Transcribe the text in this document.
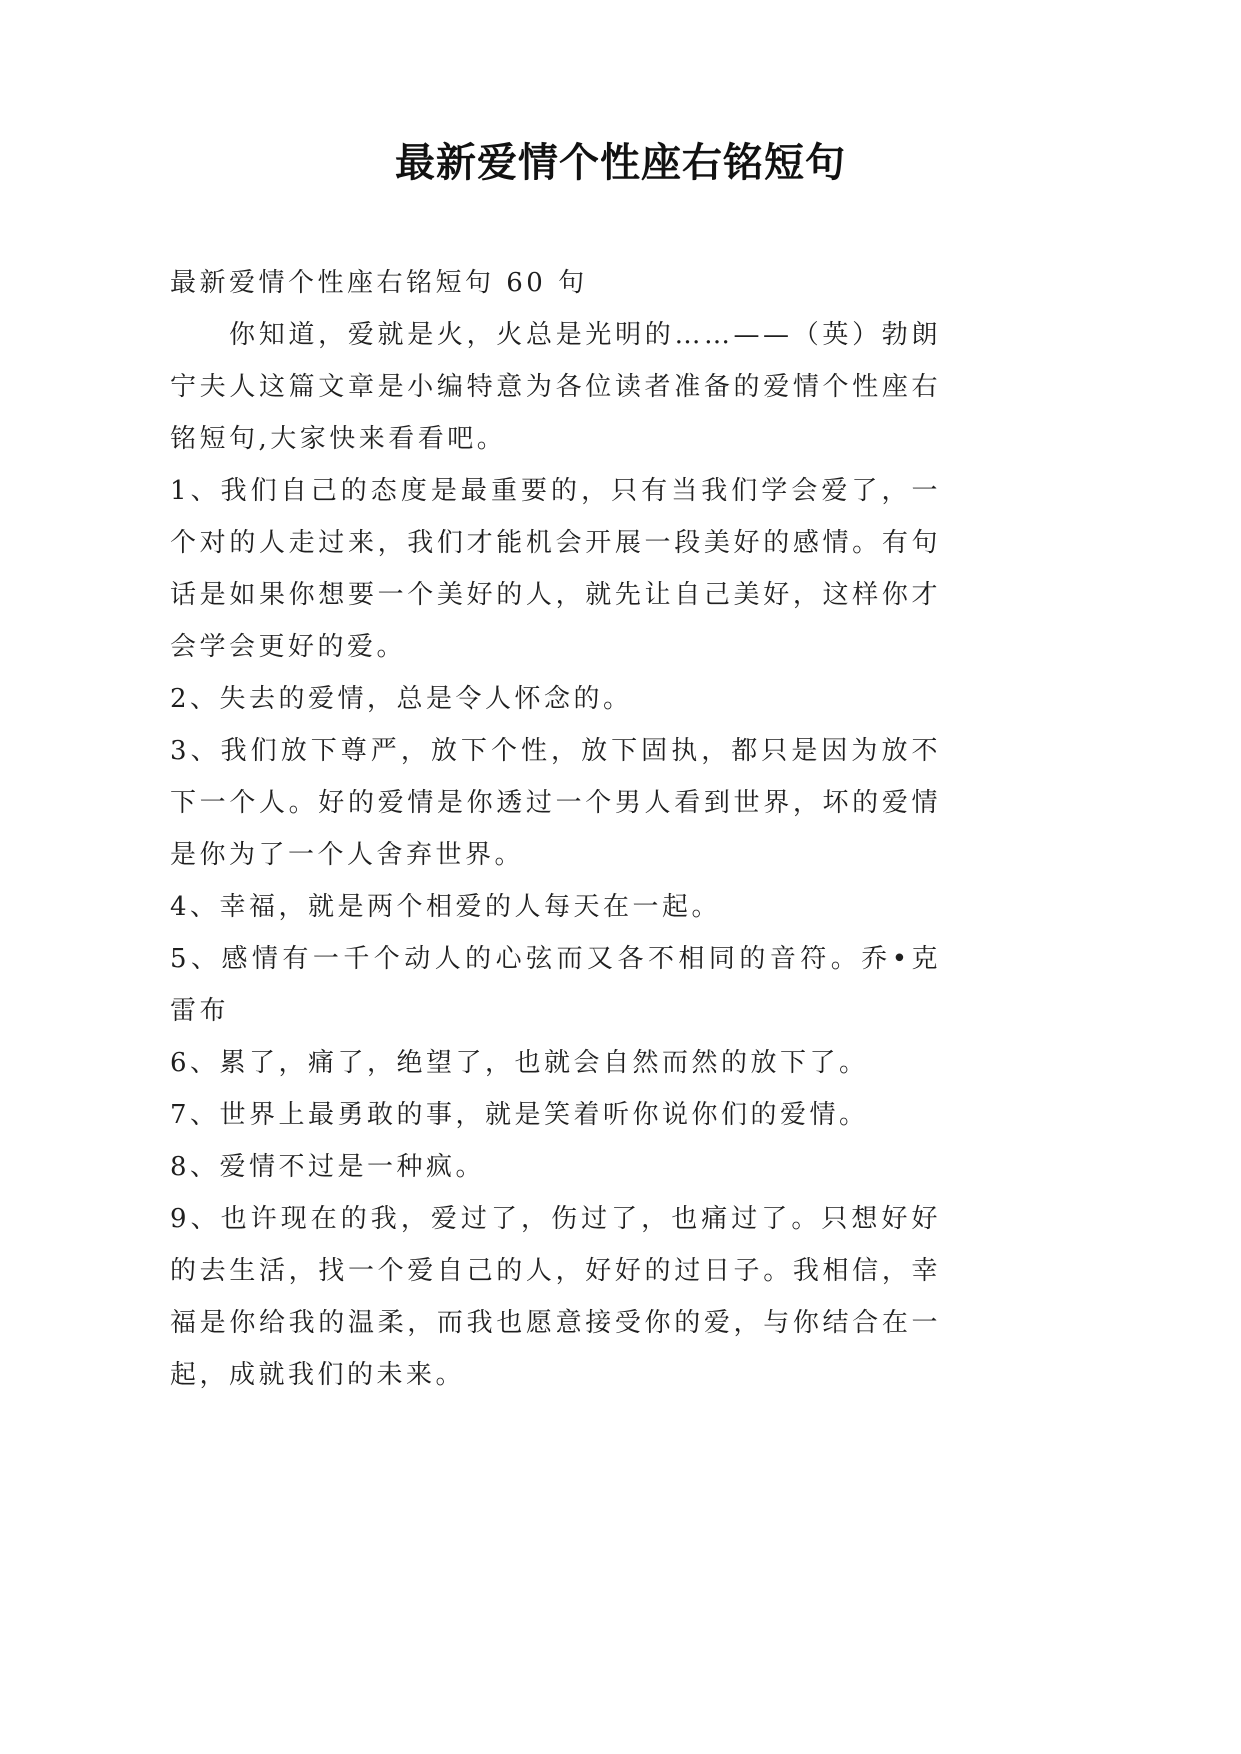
最新爱情个性座右铭短句

最新爱情个性座右铭短句 60 句

你知道，爱就是火，火总是光明的……——（英）勃朗宁夫人这篇文章是小编特意为各位读者准备的爱情个性座右铭短句,大家快来看看吧。

1、我们自己的态度是最重要的，只有当我们学会爱了，一个对的人走过来，我们才能机会开展一段美好的感情。有句话是如果你想要一个美好的人，就先让自己美好，这样你才会学会更好的爱。

2、失去的爱情，总是令人怀念的。

3、我们放下尊严，放下个性，放下固执，都只是因为放不下一个人。好的爱情是你透过一个男人看到世界，坏的爱情是你为了一个人舍弃世界。

4、幸福，就是两个相爱的人每天在一起。

5、感情有一千个动人的心弦而又各不相同的音符。乔•克雷布

6、累了，痛了，绝望了，也就会自然而然的放下了。

7、世界上最勇敢的事，就是笑着听你说你们的爱情。

8、爱情不过是一种疯。

9、也许现在的我，爱过了，伤过了，也痛过了。只想好好的去生活，找一个爱自己的人，好好的过日子。我相信，幸福是你给我的温柔，而我也愿意接受你的爱，与你结合在一起，成就我们的未来。
